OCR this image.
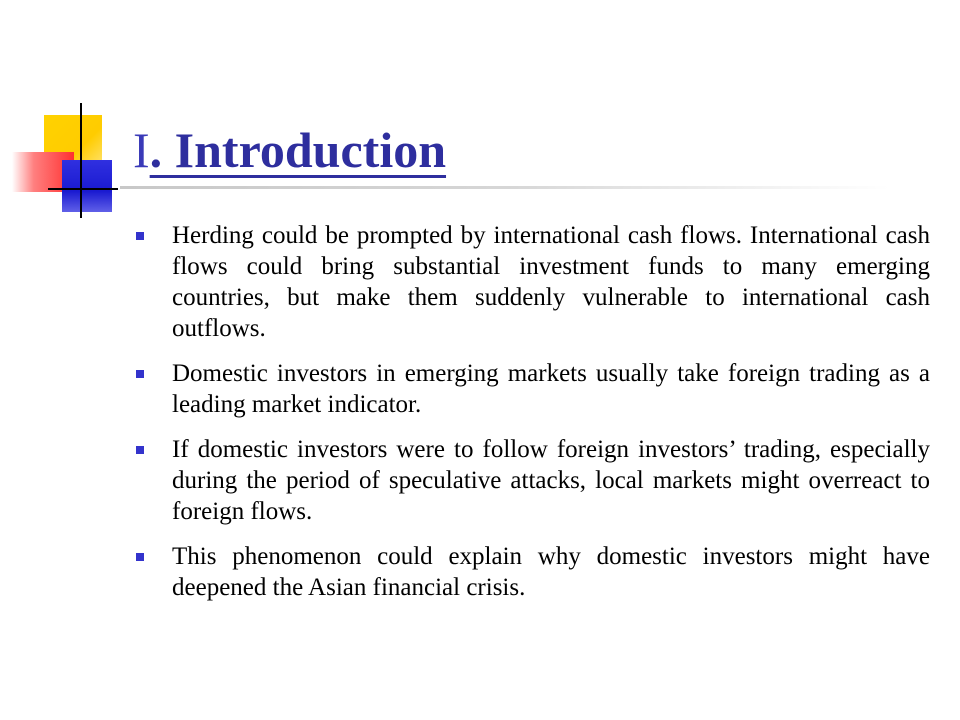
I. Introduction
Herding could be prompted by international cash flows. International cash flows could bring substantial investment funds to many emerging countries, but make them suddenly vulnerable to international cash outflows.
Domestic investors in emerging markets usually take foreign trading as a leading market indicator.
If domestic investors were to follow foreign investors’ trading, especially during the period of speculative attacks, local markets might overreact to foreign flows.
This phenomenon could explain why domestic investors might have deepened the Asian financial crisis.
